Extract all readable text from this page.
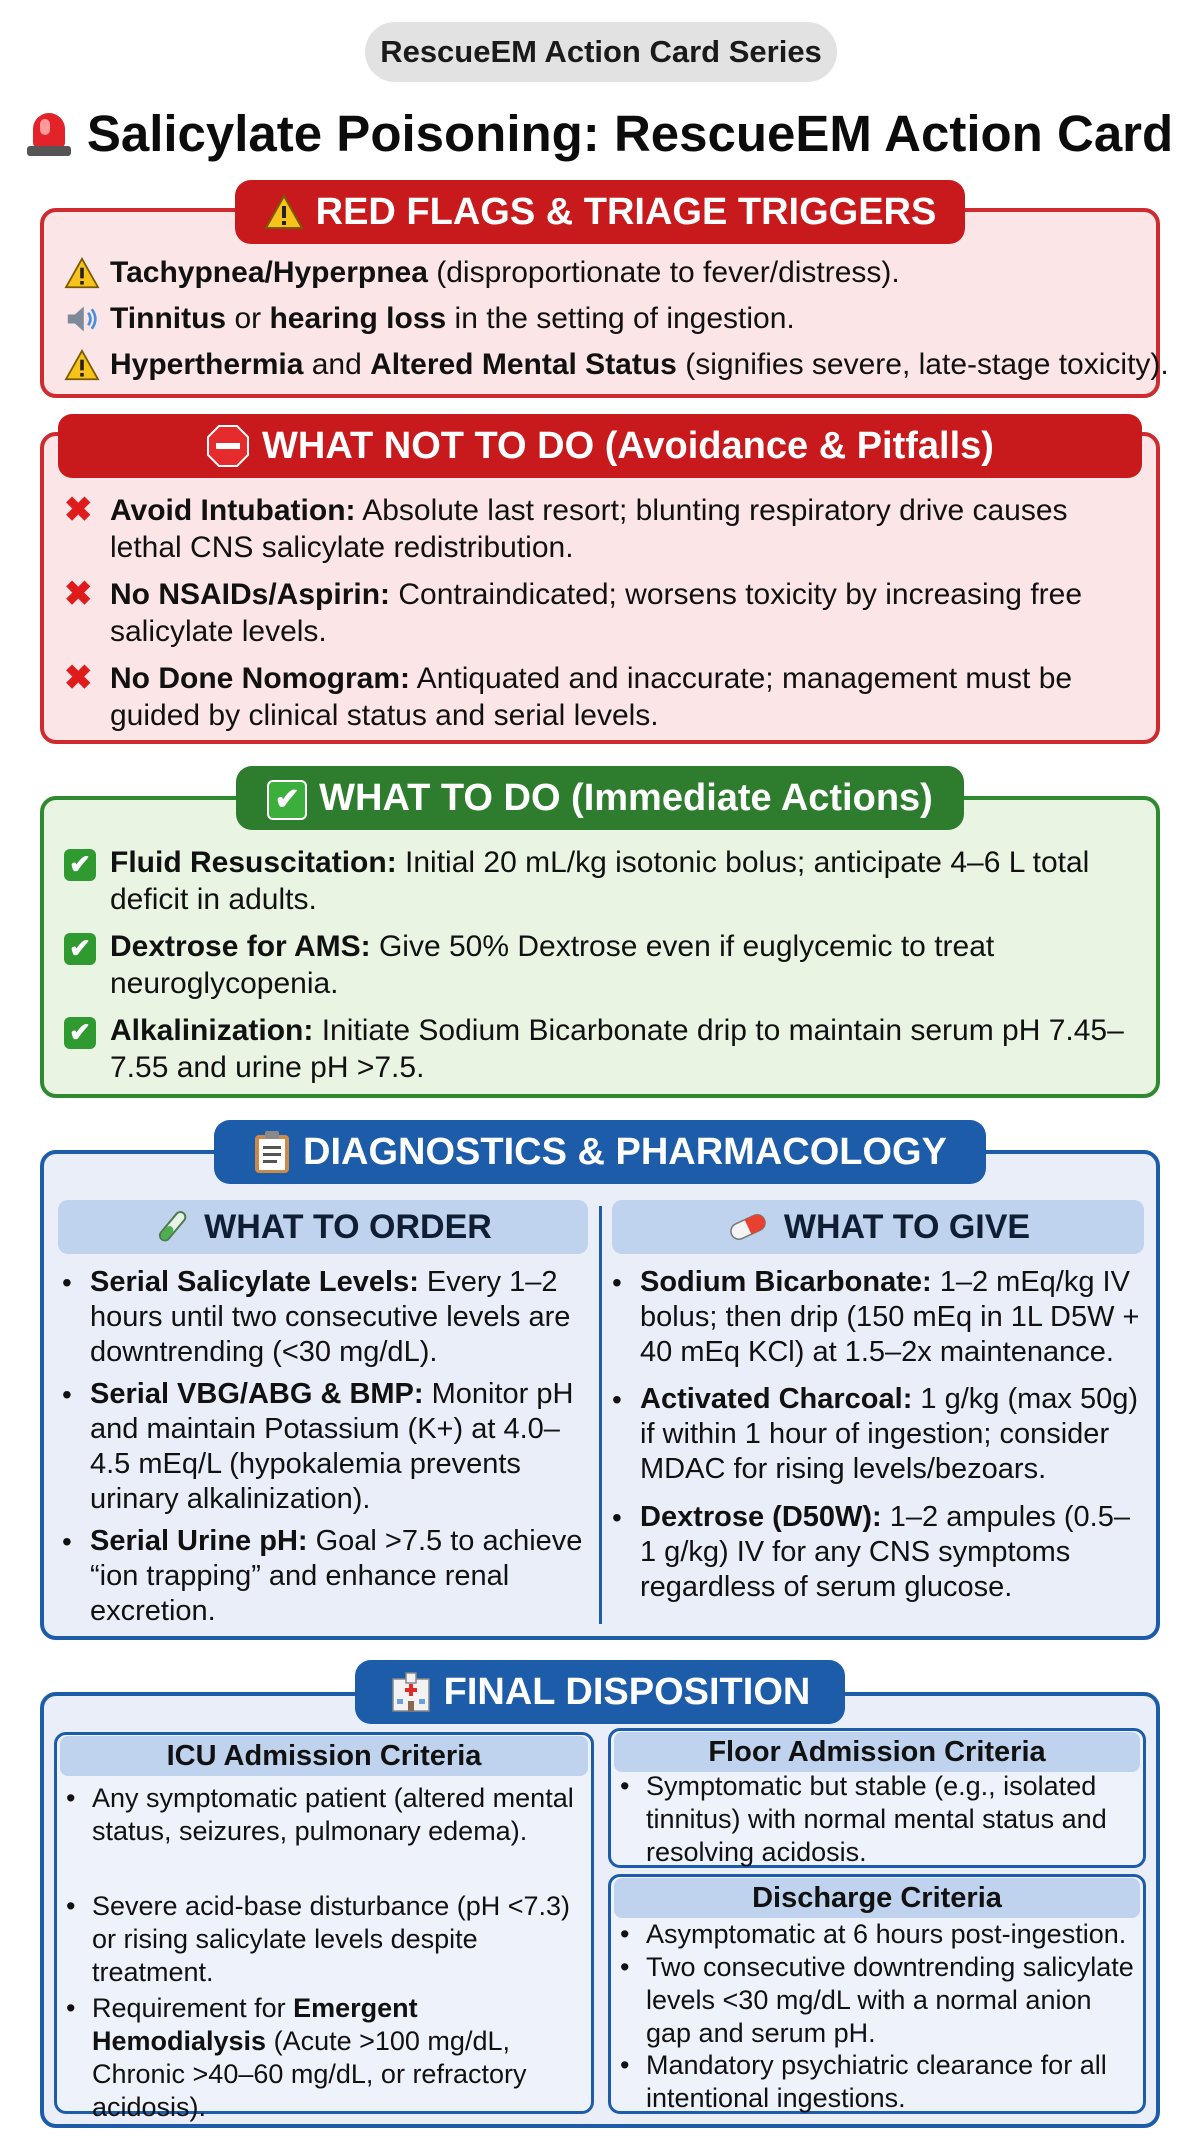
RescueEM Action Card Series
Salicylate Poisoning: RescueEM Action Card
RED FLAGS & TRIAGE TRIGGERS
Tachypnea/Hyperpnea (disproportionate to fever/distress).
Tinnitus or hearing loss in the setting of ingestion.
Hyperthermia and Altered Mental Status (signifies severe, late-stage toxicity).
WHAT NOT TO DO (Avoidance & Pitfalls)
✖ Avoid Intubation: Absolute last resort; blunting respiratory drive causes lethal CNS salicylate redistribution.
✖ No NSAIDs/Aspirin: Contraindicated; worsens toxicity by increasing free salicylate levels.
✖ No Done Nomogram: Antiquated and inaccurate; management must be guided by clinical status and serial levels.
✔ WHAT TO DO (Immediate Actions)
✔ Fluid Resuscitation: Initial 20 mL/kg isotonic bolus; anticipate 4–6 L total deficit in adults.
✔ Dextrose for AMS: Give 50% Dextrose even if euglycemic to treat neuroglycopenia.
✔ Alkalinization: Initiate Sodium Bicarbonate drip to maintain serum pH 7.45–7.55 and urine pH >7.5.
DIAGNOSTICS & PHARMACOLOGY
WHAT TO ORDER	WHAT TO GIVE
• Serial Salicylate Levels: Every 1–2 hours until two consecutive levels are downtrending (<30 mg/dL).
• Serial VBG/ABG & BMP: Monitor pH and maintain Potassium (K+) at 4.0–4.5 mEq/L (hypokalemia prevents urinary alkalinization).
• Serial Urine pH: Goal >7.5 to achieve “ion trapping” and enhance renal excretion.
• Sodium Bicarbonate: 1–2 mEq/kg IV bolus; then drip (150 mEq in 1L D5W + 40 mEq KCl) at 1.5–2x maintenance.
• Activated Charcoal: 1 g/kg (max 50g) if within 1 hour of ingestion; consider MDAC for rising levels/bezoars.
• Dextrose (D50W): 1–2 ampules (0.5–1 g/kg) IV for any CNS symptoms regardless of serum glucose.
FINAL DISPOSITION
ICU Admission Criteria
• Any symptomatic patient (altered mental status, seizures, pulmonary edema).
• Severe acid-base disturbance (pH <7.3) or rising salicylate levels despite treatment.
• Requirement for Emergent Hemodialysis (Acute >100 mg/dL, Chronic >40–60 mg/dL, or refractory acidosis).
Floor Admission Criteria
• Symptomatic but stable (e.g., isolated tinnitus) with normal mental status and resolving acidosis.
Discharge Criteria
• Asymptomatic at 6 hours post-ingestion.
• Two consecutive downtrending salicylate levels <30 mg/dL with a normal anion gap and serum pH.
• Mandatory psychiatric clearance for all intentional ingestions.
